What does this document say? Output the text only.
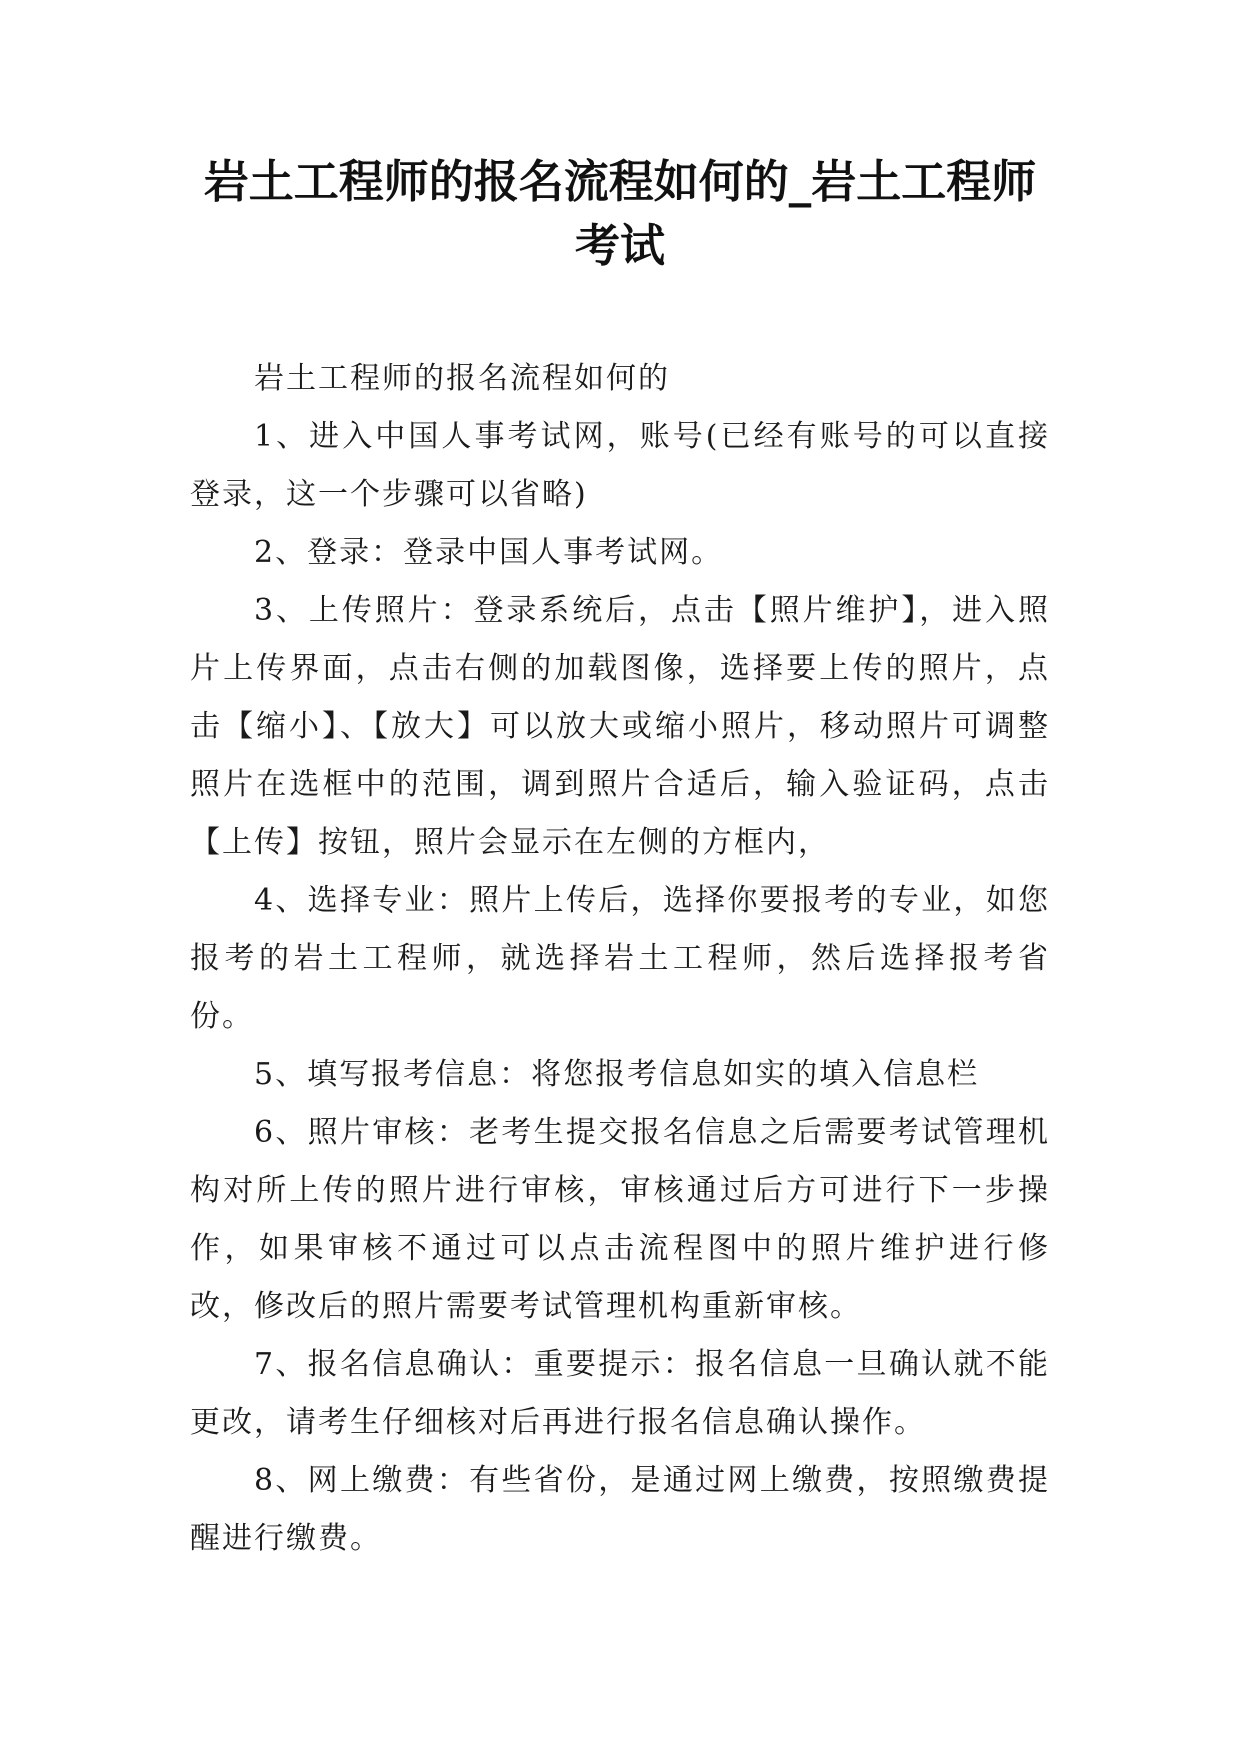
岩土工程师的报名流程如何的_岩土工程师考试

岩土工程师的报名流程如何的

1、进入中国人事考试网，账号(已经有账号的可以直接登录，这一个步骤可以省略)

2、登录：登录中国人事考试网。

3、上传照片：登录系统后，点击【照片维护】，进入照片上传界面，点击右侧的加载图像，选择要上传的照片，点击【缩小】、【放大】可以放大或缩小照片，移动照片可调整照片在选框中的范围，调到照片合适后，输入验证码，点击【上传】按钮，照片会显示在左侧的方框内，

4、选择专业：照片上传后，选择你要报考的专业，如您报考的岩土工程师，就选择岩土工程师，然后选择报考省份。

5、填写报考信息：将您报考信息如实的填入信息栏

6、照片审核：老考生提交报名信息之后需要考试管理机构对所上传的照片进行审核，审核通过后方可进行下一步操作，如果审核不通过可以点击流程图中的照片维护进行修改，修改后的照片需要考试管理机构重新审核。

7、报名信息确认：重要提示：报名信息一旦确认就不能更改，请考生仔细核对后再进行报名信息确认操作。

8、网上缴费：有些省份，是通过网上缴费，按照缴费提醒进行缴费。
